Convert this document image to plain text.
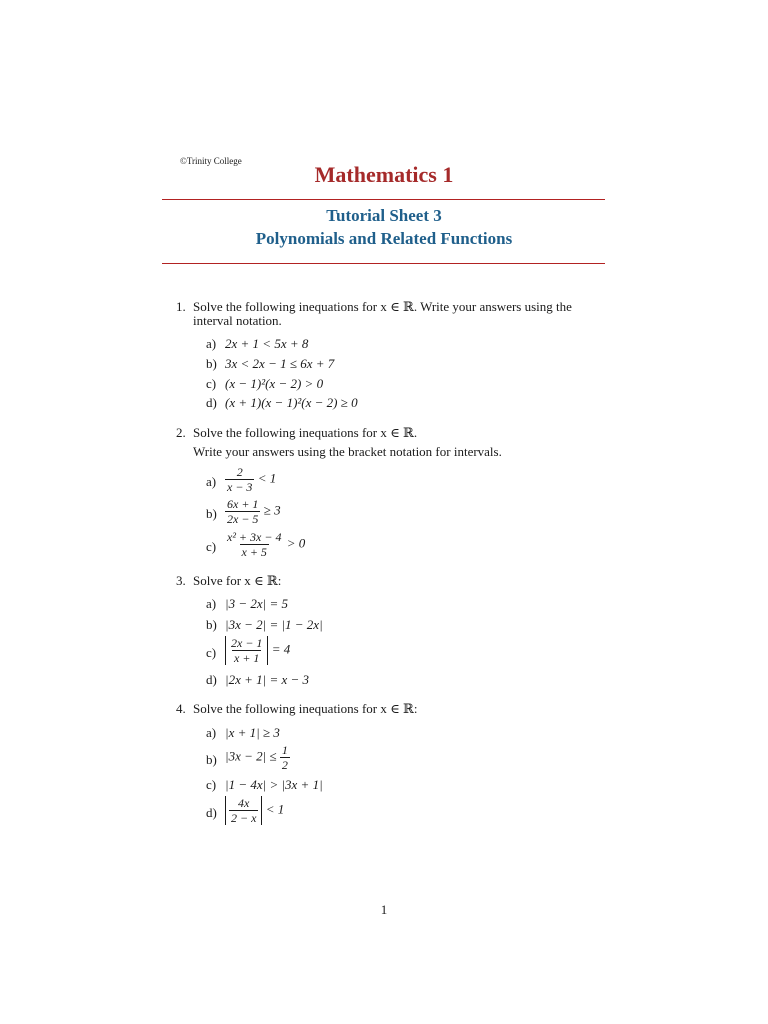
©Trinity College
Mathematics 1
Tutorial Sheet 3
Polynomials and Related Functions
1. Solve the following inequations for x ∈ ℝ. Write your answers using the
interval notation.
a) 2x + 1 < 5x + 8
b) 3x < 2x − 1 ≤ 6x + 7
c) (x − 1)²(x − 2) > 0
d) (x + 1)(x − 1)²(x − 2) ≥ 0
2. Solve the following inequations for x ∈ ℝ.
Write your answers using the bracket notation for intervals.
$a) \frac{2}{x - 3} < 1$
$b) \frac{6x + 1}{2x - 5} \ge 3$
$c) \frac{\text{x² + 3x − 4}}{x + 5} > 0$
3. Solve for x ∈ ℝ:
a) |3 − 2x| = 5
b) |3x − 2| = |1 − 2x|
$c) \frac{2x - 1}{x + 1} = 4$
d) |2x + 1| = x − 3
4. Solve the following inequations for x ∈ ℝ:
a) |x + 1| ≥ 3
b) $|3x - 2| \le \frac{1}{2}$
c) |1 − 4x| > |3x + 1|
$d) \frac{4x}{2 - x} < 1$
1
